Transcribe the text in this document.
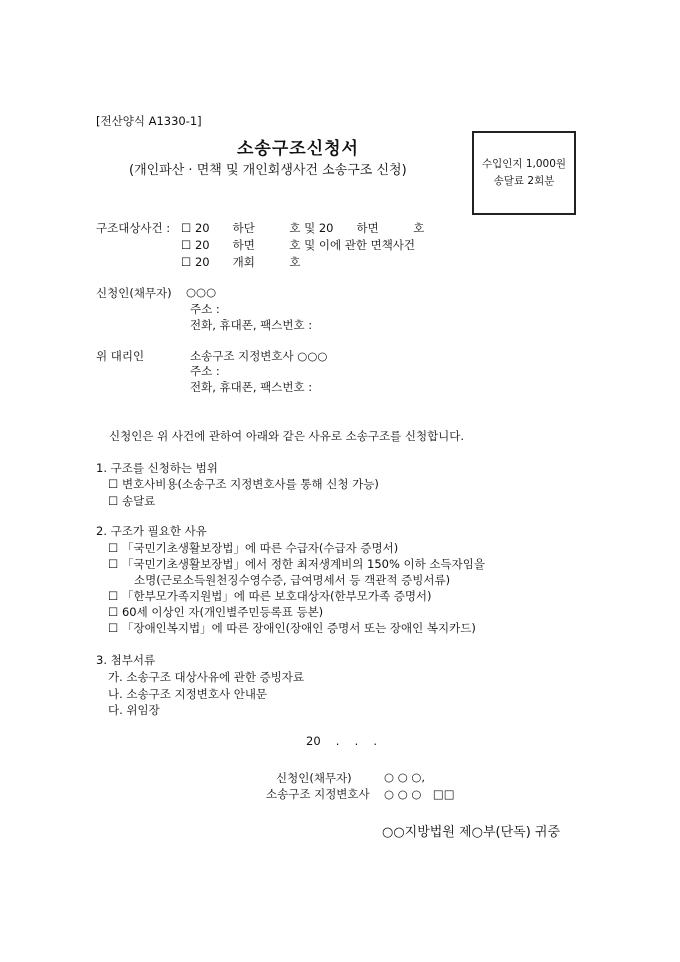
[전산양식 A1330-1]
소송구조신청서
(개인파산 · 면책 및 개인회생사건 소송구조 신청)	수입인지 1,000원
송달료 2회분
구조대상사건 : ☐ 20　　하단　　　호 및 20　　하면　　　호
☐ 20　　하면　　　호 및 이에 관한 면책사건
☐ 20　　개회　　　호
신청인(채무자) ○○○
주소 :
전화, 휴대폰, 팩스번호 :
위 대리인	소송구조 지정변호사 ○○○
주소 :
전화, 휴대폰, 팩스번호 :
신청인은 위 사건에 관하여 아래와 같은 사유로 소송구조를 신청합니다.
1. 구조를 신청하는 범위
☐ 변호사비용(소송구조 지정변호사를 통해 신청 가능)
☐ 송달료
2. 구조가 필요한 사유
☐ 「국민기초생활보장법」에 따른 수급자(수급자 증명서)
☐ 「국민기초생활보장법」에서 정한 최저생계비의 150% 이하 소득자임을
소명(근로소득원천징수영수증, 급여명세서 등 객관적 증빙서류)
☐ 「한부모가족지원법」에 따른 보호대상자(한부모가족 증명서)
☐ 60세 이상인 자(개인별주민등록표 등본)
☐ 「장애인복지법」에 따른 장애인(장애인 증명서 또는 장애인 복지카드)
3. 첨부서류
가. 소송구조 대상사유에 관한 증빙자료
나. 소송구조 지정변호사 안내문
다. 위임장
20　 .　 .　 .
신청인(채무자)	○ ○ ○,
소송구조 지정변호사 ○ ○ ○　□□
○○지방법원 제○부(단독) 귀중
